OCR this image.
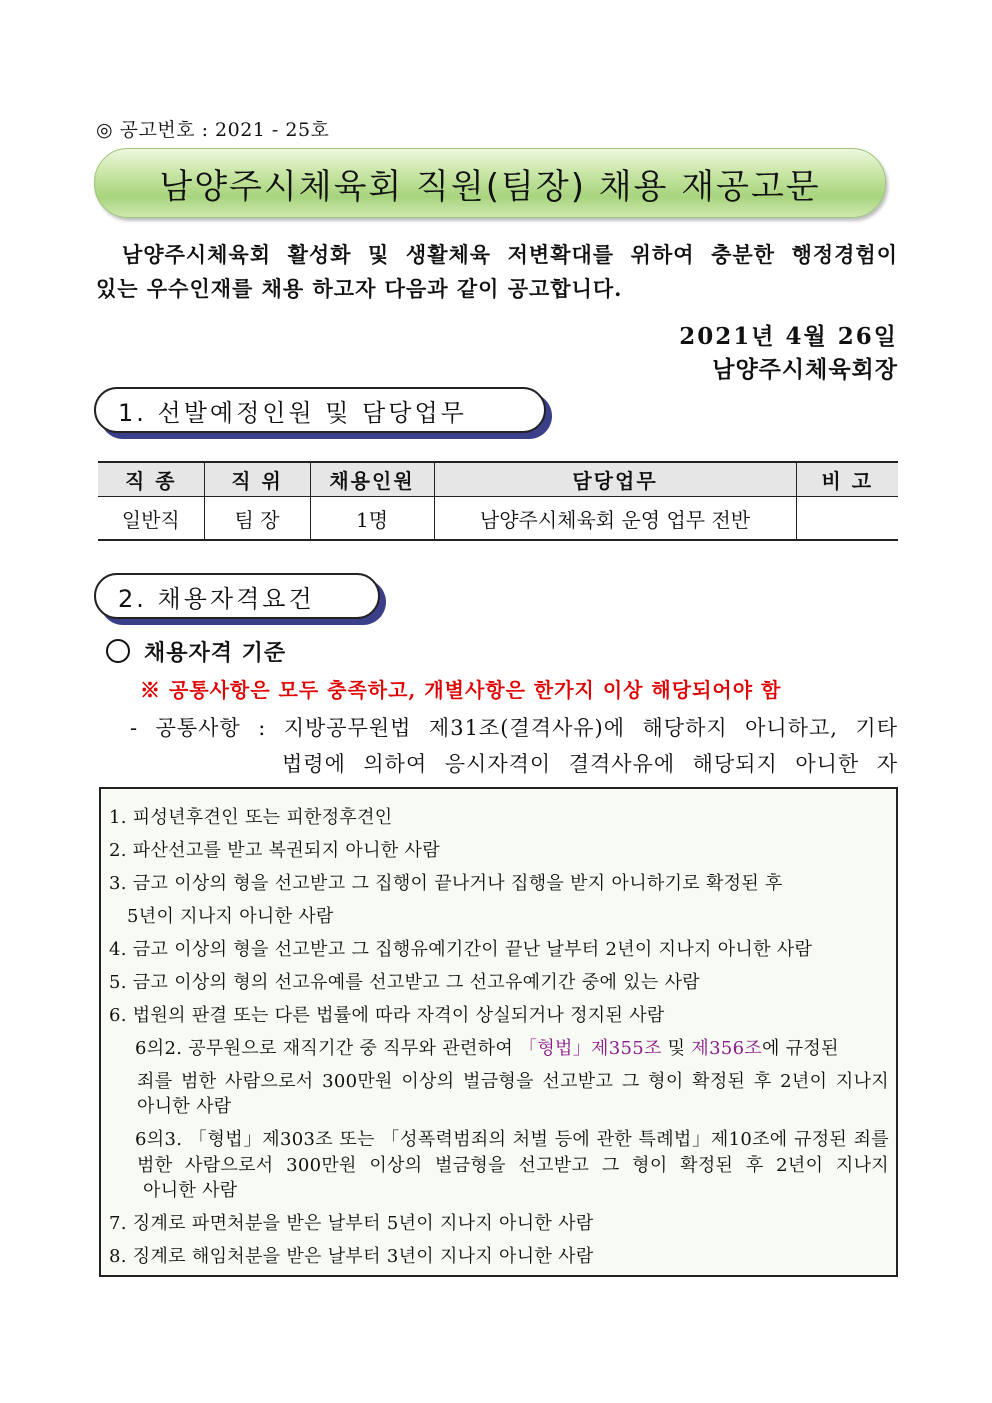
◎ 공고번호 : 2021 - 25호
남양주시체육회 직원(팀장) 채용 재공고문
남양주시체육회 활성화 및 생활체육 저변확대를 위하여 충분한 행정경험이
있는 우수인재를 채용 하고자 다음과 같이 공고합니다.
2021년 4월 26일
남양주시체육회장
1. 선발예정인원 및 담당업무
직 종	직 위	채용인원	담당업무	비 고
일반직	팀 장	1명	남양주시체육회 운영 업무 전반	
2. 채용자격요건
채용자격 기준
※ 공통사항은 모두 충족하고, 개별사항은 한가지 이상 해당되어야 함
- 공통사항 : 지방공무원법 제31조(결격사유)에 해당하지 아니하고, 기타
법령에 의하여 응시자격이 결격사유에 해당되지 아니한 자
1. 피성년후견인 또는 피한정후견인
2. 파산선고를 받고 복권되지 아니한 사람
3. 금고 이상의 형을 선고받고 그 집행이 끝나거나 집행을 받지 아니하기로 확정된 후
5년이 지나지 아니한 사람
4. 금고 이상의 형을 선고받고 그 집행유예기간이 끝난 날부터 2년이 지나지 아니한 사람
5. 금고 이상의 형의 선고유예를 선고받고 그 선고유예기간 중에 있는 사람
6. 법원의 판결 또는 다른 법률에 따라 자격이 상실되거나 정지된 사람
6의2. 공무원으로 재직기간 중 직무와 관련하여 「형법」제355조 및 제356조에 규정된
죄를 범한 사람으로서 300만원 이상의 벌금형을 선고받고 그 형이 확정된 후 2년이 지나지
아니한 사람
6의3. 「형법」제303조 또는 「성폭력범죄의 처벌 등에 관한 특례법」제10조에 규정된 죄를
범한 사람으로서 300만원 이상의 벌금형을 선고받고 그 형이 확정된 후 2년이 지나지
아니한 사람
7. 징계로 파면처분을 받은 날부터 5년이 지나지 아니한 사람
8. 징계로 해임처분을 받은 날부터 3년이 지나지 아니한 사람
